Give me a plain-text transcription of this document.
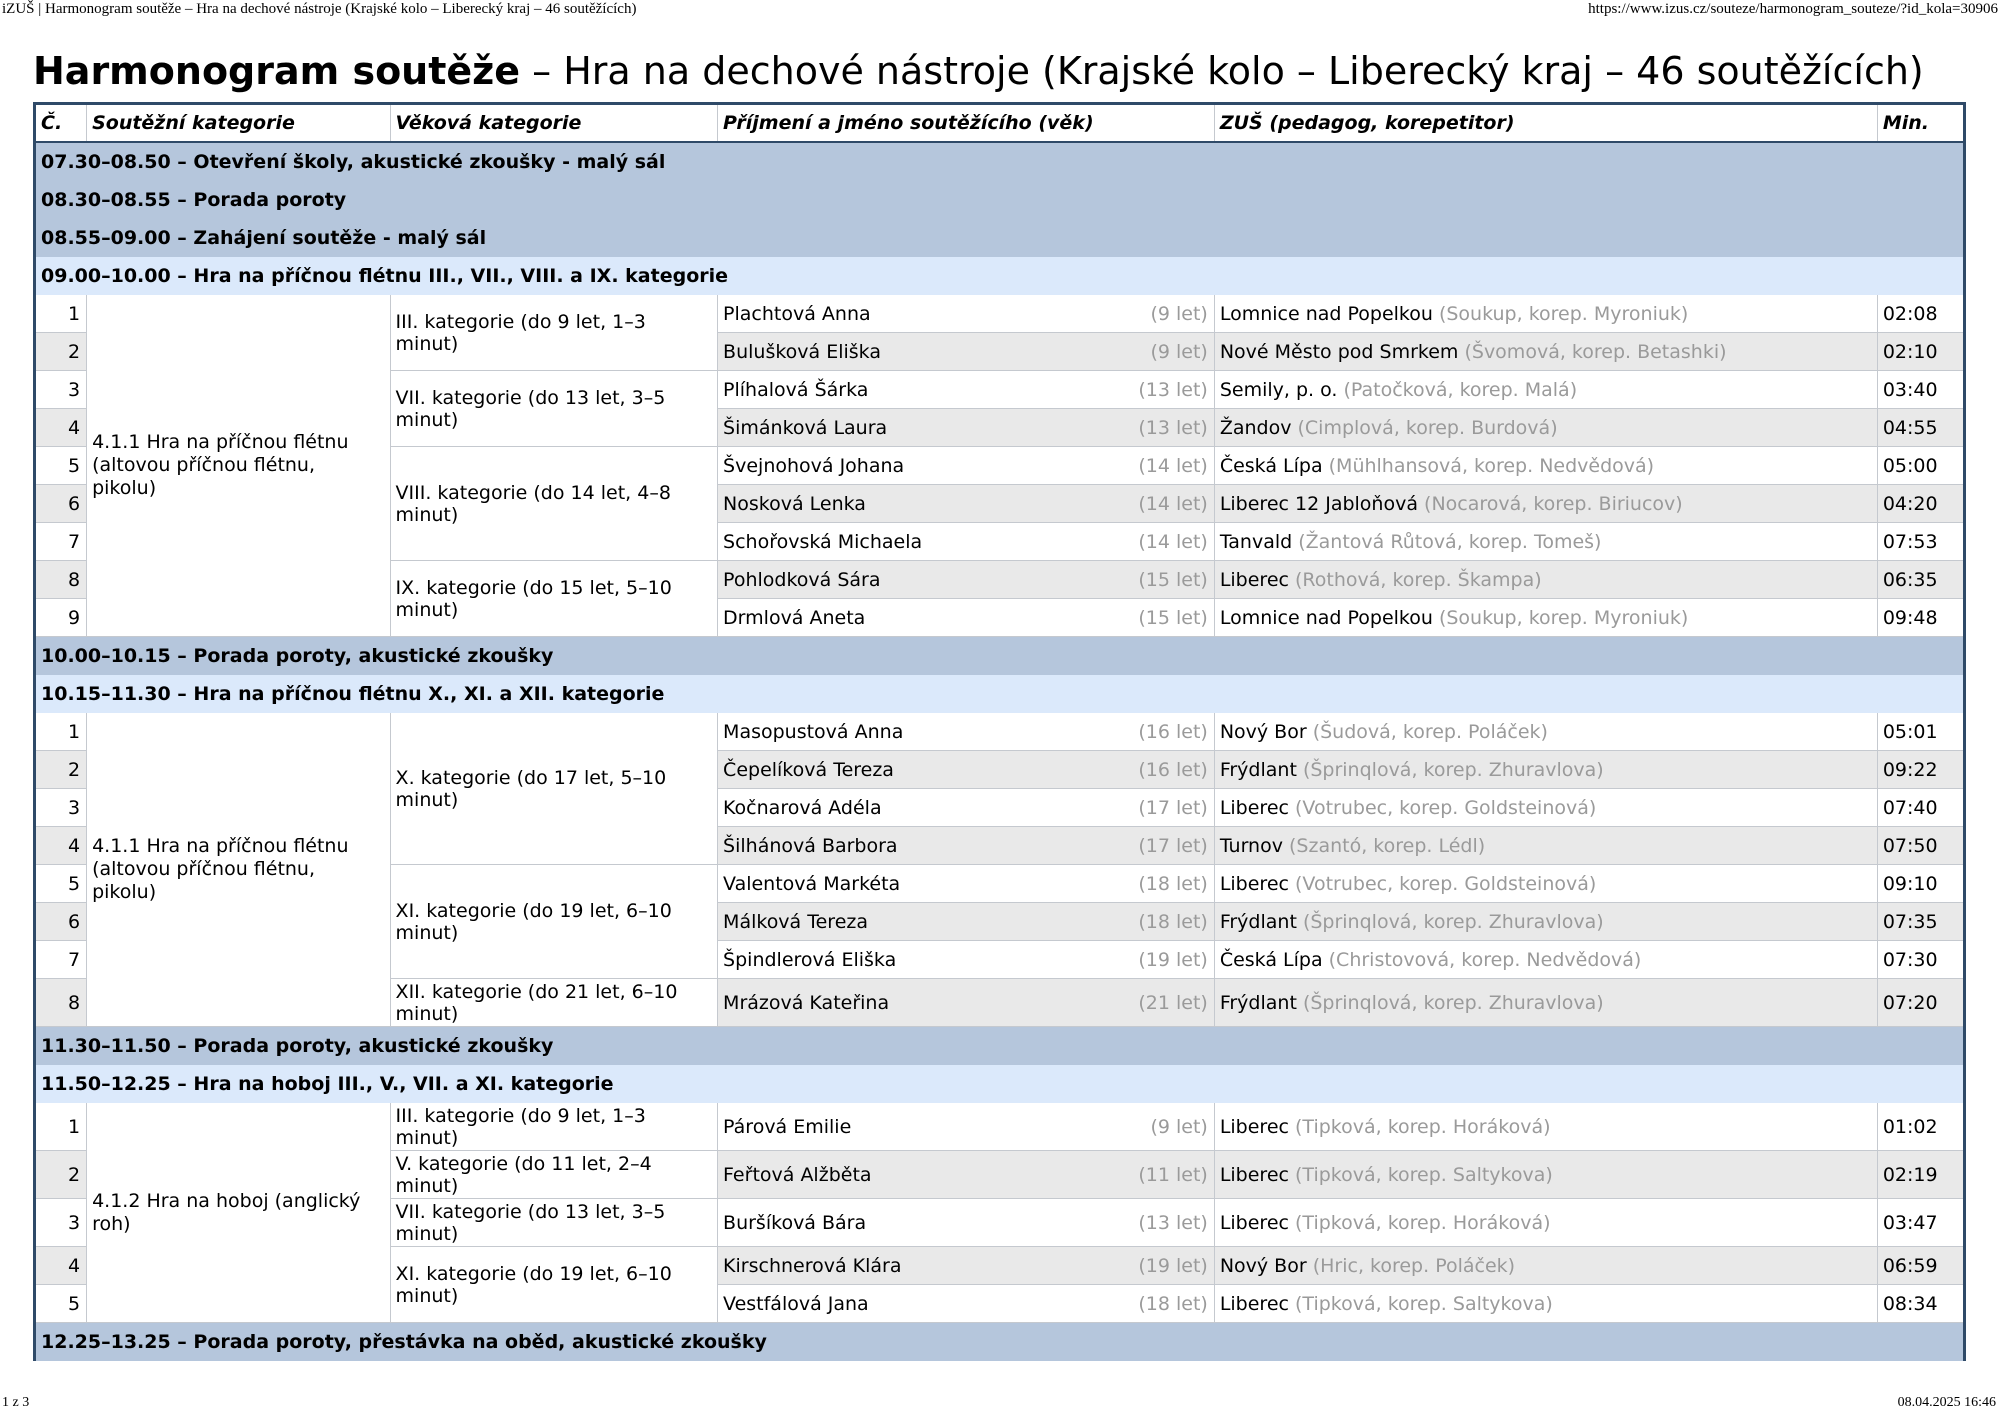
iZUŠ | Harmonogram soutěže – Hra na dechové nástroje (Krajské kolo – Liberecký kraj – 46 soutěžících)	https://www.izus.cz/souteze/harmonogram_souteze/?id_kola=30906
Harmonogram soutěže – Hra na dechové nástroje (Krajské kolo – Liberecký kraj – 46 soutěžících)
Č.	Soutěžní kategorie	Věková kategorie	Příjmení a jméno soutěžícího (věk)	ZUŠ (pedagog, korepetitor)	Min.
07.30–08.50 – Otevření školy, akustické zkoušky - malý sál					
08.30–08.55 – Porada poroty					
08.55–09.00 – Zahájení soutěže - malý sál					
09.00–10.00 – Hra na příčnou flétnu III., VII., VIII. a IX. kategorie					
1	4.1.1 Hra na příčnou flétnu (altovou příčnou flétnu, pikolu)	III. kategorie (do 9 let, 1–3 minut)	Plachtová Anna (9 let)	Lomnice nad Popelkou (Soukup, korep. Myroniuk)	02:08
2			Bulušková Eliška (9 let)	Nové Město pod Smrkem (Švomová, korep. Betashki)	02:10
3		VII. kategorie (do 13 let, 3–5 minut)	Plíhalová Šárka (13 let)	Semily, p. o. (Patočková, korep. Malá)	03:40
4			Šimánková Laura (13 let)	Žandov (Cimplová, korep. Burdová)	04:55
5		VIII. kategorie (do 14 let, 4–8 minut)	Švejnohová Johana (14 let)	Česká Lípa (Mühlhansová, korep. Nedvědová)	05:00
6			Nosková Lenka (14 let)	Liberec 12 Jabloňová (Nocarová, korep. Biriucov)	04:20
7			Schořovská Michaela (14 let)	Tanvald (Žantová Růtová, korep. Tomeš)	07:53
8		IX. kategorie (do 15 let, 5–10 minut)	Pohlodková Sára (15 let)	Liberec (Rothová, korep. Škampa)	06:35
9			Drmlová Aneta (15 let)	Lomnice nad Popelkou (Soukup, korep. Myroniuk)	09:48
10.00–10.15 – Porada poroty, akustické zkoušky					
10.15–11.30 – Hra na příčnou flétnu X., XI. a XII. kategorie					
1	4.1.1 Hra na příčnou flétnu (altovou příčnou flétnu, pikolu)	X. kategorie (do 17 let, 5–10 minut)	Masopustová Anna (16 let)	Nový Bor (Šudová, korep. Poláček)	05:01
2			Čepelíková Tereza (16 let)	Frýdlant (Šprinqlová, korep. Zhuravlova)	09:22
3			Kočnarová Adéla (17 let)	Liberec (Votrubec, korep. Goldsteinová)	07:40
4			Šilhánová Barbora (17 let)	Turnov (Szantó, korep. Lédl)	07:50
5		XI. kategorie (do 19 let, 6–10 minut)	Valentová Markéta (18 let)	Liberec (Votrubec, korep. Goldsteinová)	09:10
6			Málková Tereza (18 let)	Frýdlant (Šprinqlová, korep. Zhuravlova)	07:35
7			Špindlerová Eliška (19 let)	Česká Lípa (Christovová, korep. Nedvědová)	07:30
8		XII. kategorie (do 21 let, 6–10 minut)	Mrázová Kateřina (21 let)	Frýdlant (Šprinqlová, korep. Zhuravlova)	07:20
11.30–11.50 – Porada poroty, akustické zkoušky					
11.50–12.25 – Hra na hoboj III., V., VII. a XI. kategorie					
1	4.1.2 Hra na hoboj (anglický roh)	III. kategorie (do 9 let, 1–3 minut)	Párová Emilie (9 let)	Liberec (Tipková, korep. Horáková)	01:02
2		V. kategorie (do 11 let, 2–4 minut)	Feřtová Alžběta (11 let)	Liberec (Tipková, korep. Saltykova)	02:19
3		VII. kategorie (do 13 let, 3–5 minut)	Buršíková Bára (13 let)	Liberec (Tipková, korep. Horáková)	03:47
4		XI. kategorie (do 19 let, 6–10 minut)	Kirschnerová Klára (19 let)	Nový Bor (Hric, korep. Poláček)	06:59
5			Vestfálová Jana (18 let)	Liberec (Tipková, korep. Saltykova)	08:34
12.25–13.25 – Porada poroty, přestávka na oběd, akustické zkoušky					
1 z 3	08.04.2025 16:46
